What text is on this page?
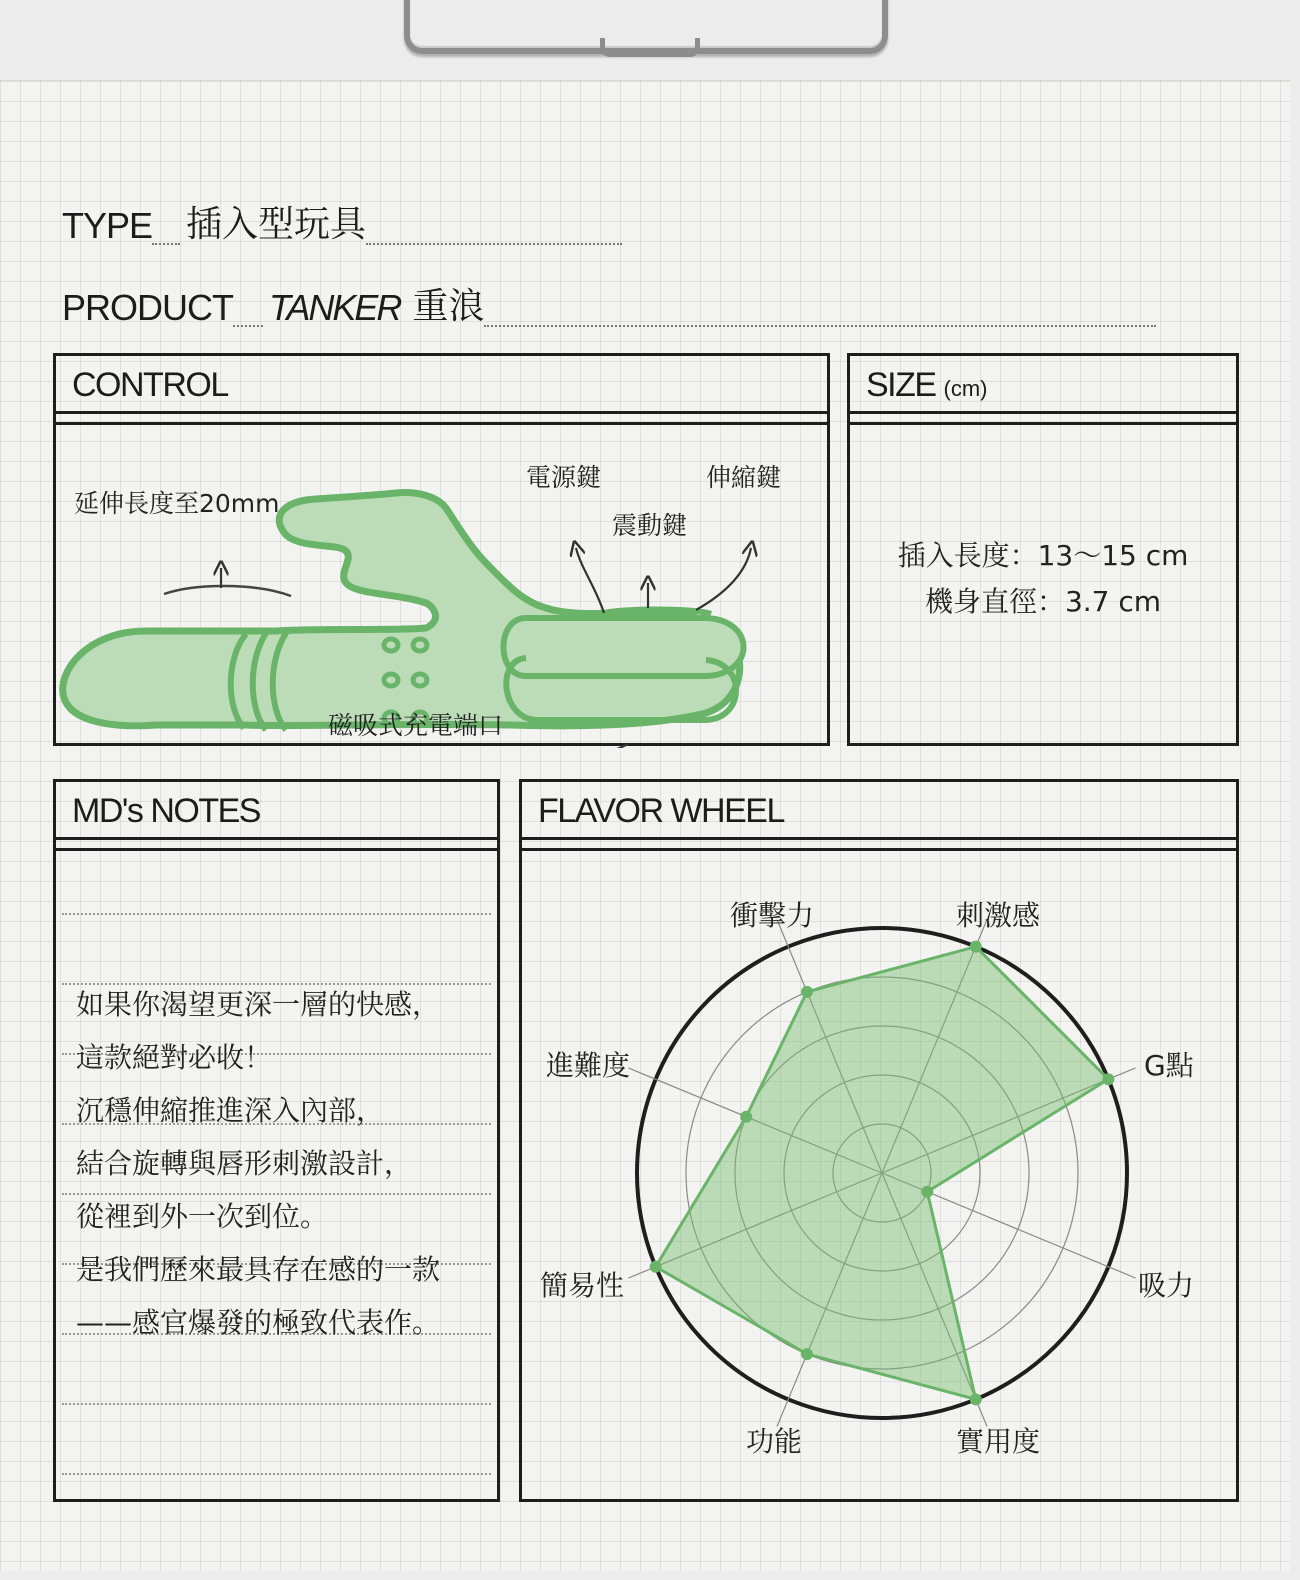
TYPE 插入型玩具
PRODUCT TANKER 重浪
CONTROL
延伸長度至20mm
電源鍵
震動鍵
伸縮鍵
磁吸式充電端口
SIZE (cm)
插入長度：13～15 cm
機身直徑：3.7 cm
MD's NOTES

如果你渴望更深一層的快感，

這款絕對必收！

沉穩伸縮推進深入內部，

結合旋轉與唇形刺激設計，

從裡到外一次到位。

是我們歷來最具存在感的一款

——感官爆發的極致代表作。

FLAVOR WHEEL
衝擊力	刺激感
G點
吸力
實用度
功能
簡易性
進難度
